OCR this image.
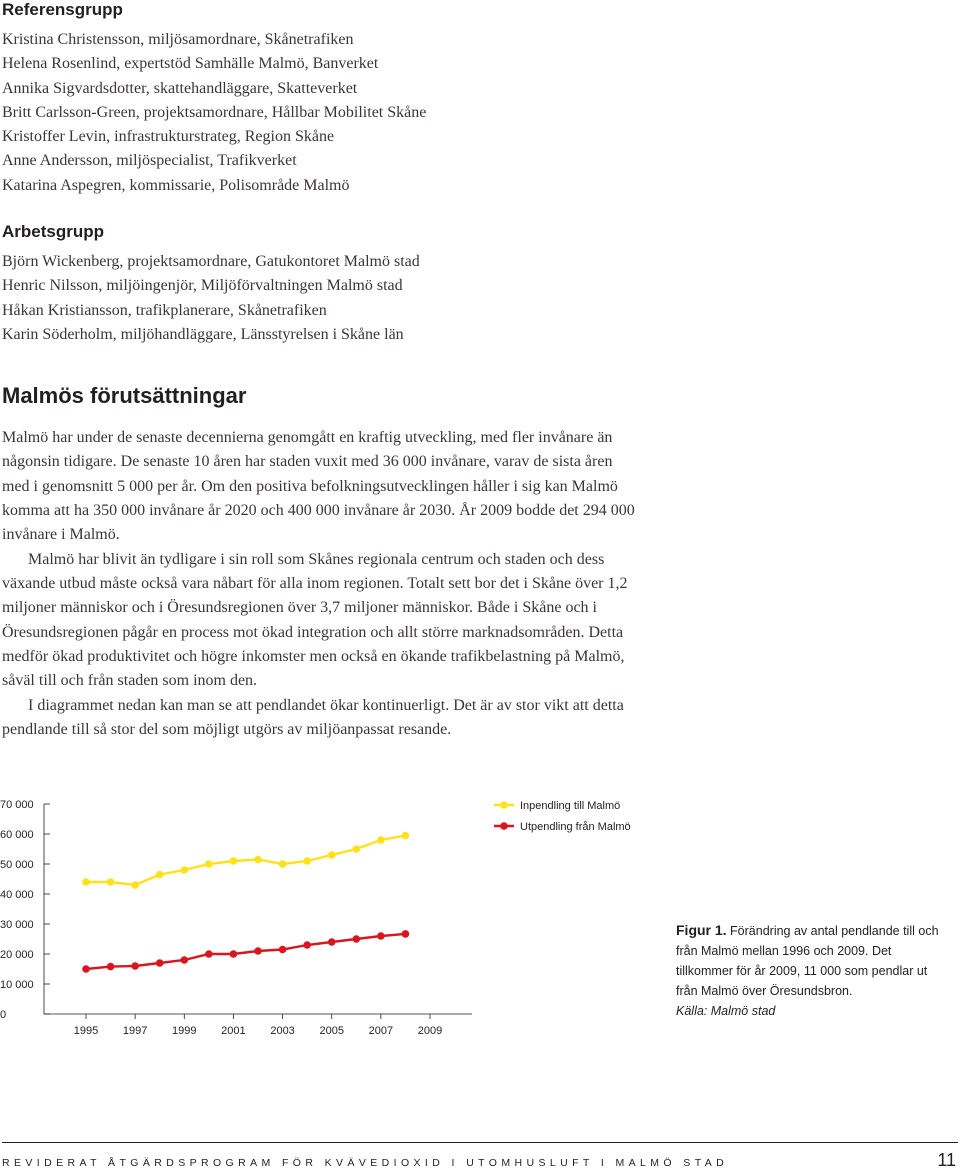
Referensgrupp
Kristina Christensson, miljösamordnare, Skånetrafiken
Helena Rosenlind, expertstöd Samhälle Malmö, Banverket
Annika Sigvardsdotter, skattehandläggare, Skatteverket
Britt Carlsson-Green, projektsamordnare, Hållbar Mobilitet Skåne
Kristoffer Levin, infrastrukturstrateg, Region Skåne
Anne Andersson, miljöspecialist, Trafikverket
Katarina Aspegren, kommissarie, Polisområde Malmö
Arbetsgrupp
Björn Wickenberg, projektsamordnare, Gatukontoret Malmö stad
Henric Nilsson, miljöingenjör, Miljöförvaltningen Malmö stad
Håkan Kristiansson, trafikplanerare, Skånetrafiken
Karin Söderholm, miljöhandläggare, Länsstyrelsen i Skåne län
Malmös förutsättningar

Malmö har under de senaste decennierna genomgått en kraftig utveckling, med fler invånare än någonsin tidigare. De senaste 10 åren har staden vuxit med 36 000 invånare, varav de sista åren med i genomsnitt 5 000 per år. Om den positiva befolkningsutvecklingen håller i sig kan Malmö komma att ha 350 000 invånare år 2020 och 400 000 invånare år 2030. År 2009 bodde det 294 000 invånare i Malmö.

Malmö har blivit än tydligare i sin roll som Skånes regionala centrum och staden och dess växande utbud måste också vara nåbart för alla inom regionen. Totalt sett bor det i Skåne över 1,2 miljoner människor och i Öresundsregionen över 3,7 miljoner människor. Både i Skåne och i Öresundsregionen pågår en process mot ökad integration och allt större marknadsområden. Detta medför ökad produktivitet och högre inkomster men också en ökande trafikbelastning på Malmö, såväl till och från staden som inom den.

I diagrammet nedan kan man se att pendlandet ökar kontinuerligt. Det är av stor vikt att detta pendlande till så stor del som möjligt utgörs av miljöanpassat resande.

0
10 000
20 000
30 000
40 000
50 000
60 000
70 000
1995 1997 1999 2001 2003 2005 2007 2009
Inpendling till Malmö
Utpendling från Malmö
Figur 1. Förändring av antal pendlande till och från Malmö mellan 1996 och 2009. Det tillkommer för år 2009, 11 000 som pendlar ut från Malmö över Öresundsbron.
Källa: Malmö stad
REVIDERAT ÅTGÄRDSPROGRAM FÖR KVÄVEDIOXID I UTOMHUSLUFT I MALMÖ STAD	11
